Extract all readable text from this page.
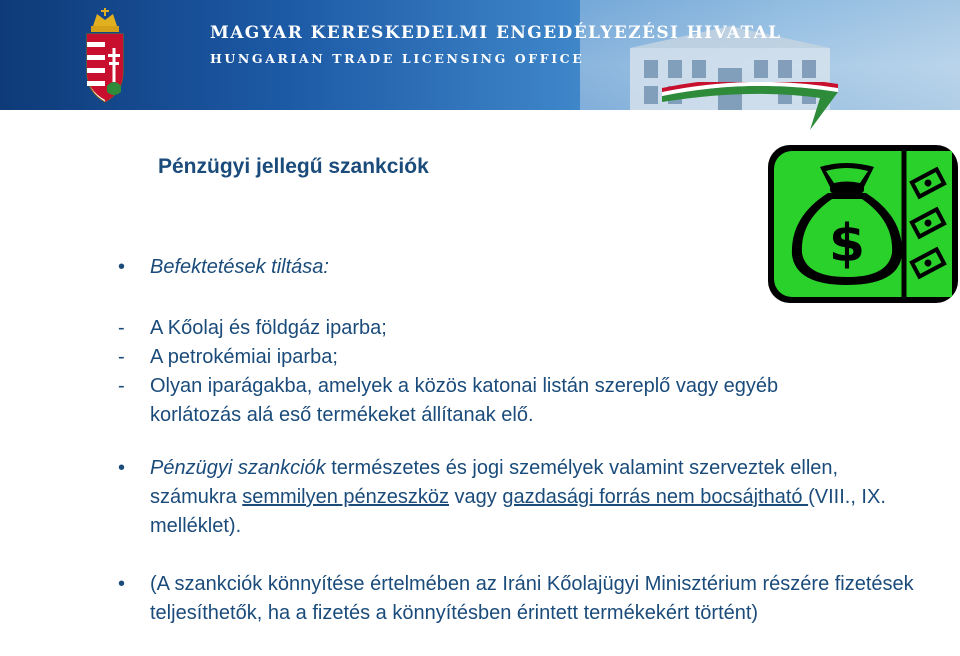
MAGYAR KERESKEDELMI ENGEDÉLYEZÉSI HIVATAL
HUNGARIAN TRADE LICENSING OFFICE
$
Pénzügyi jellegű szankciók
• Befektetések tiltása:
- A Kőolaj és földgáz iparba;
- A petrokémiai iparba;
- Olyan iparágakba, amelyek a közös katonai listán szereplő vagy egyéb korlátozás alá eső termékeket állítanak elő.
• Pénzügyi szankciók természetes és jogi személyek valamint szerveztek ellen, számukra semmilyen pénzeszköz vagy gazdasági forrás nem bocsájtható (VIII., IX. melléklet).
• (A szankciók könnyítése értelmében az Iráni Kőolajügyi Minisztérium részére fizetések teljesíthetők, ha a fizetés a könnyítésben érintett termékekért történt)
